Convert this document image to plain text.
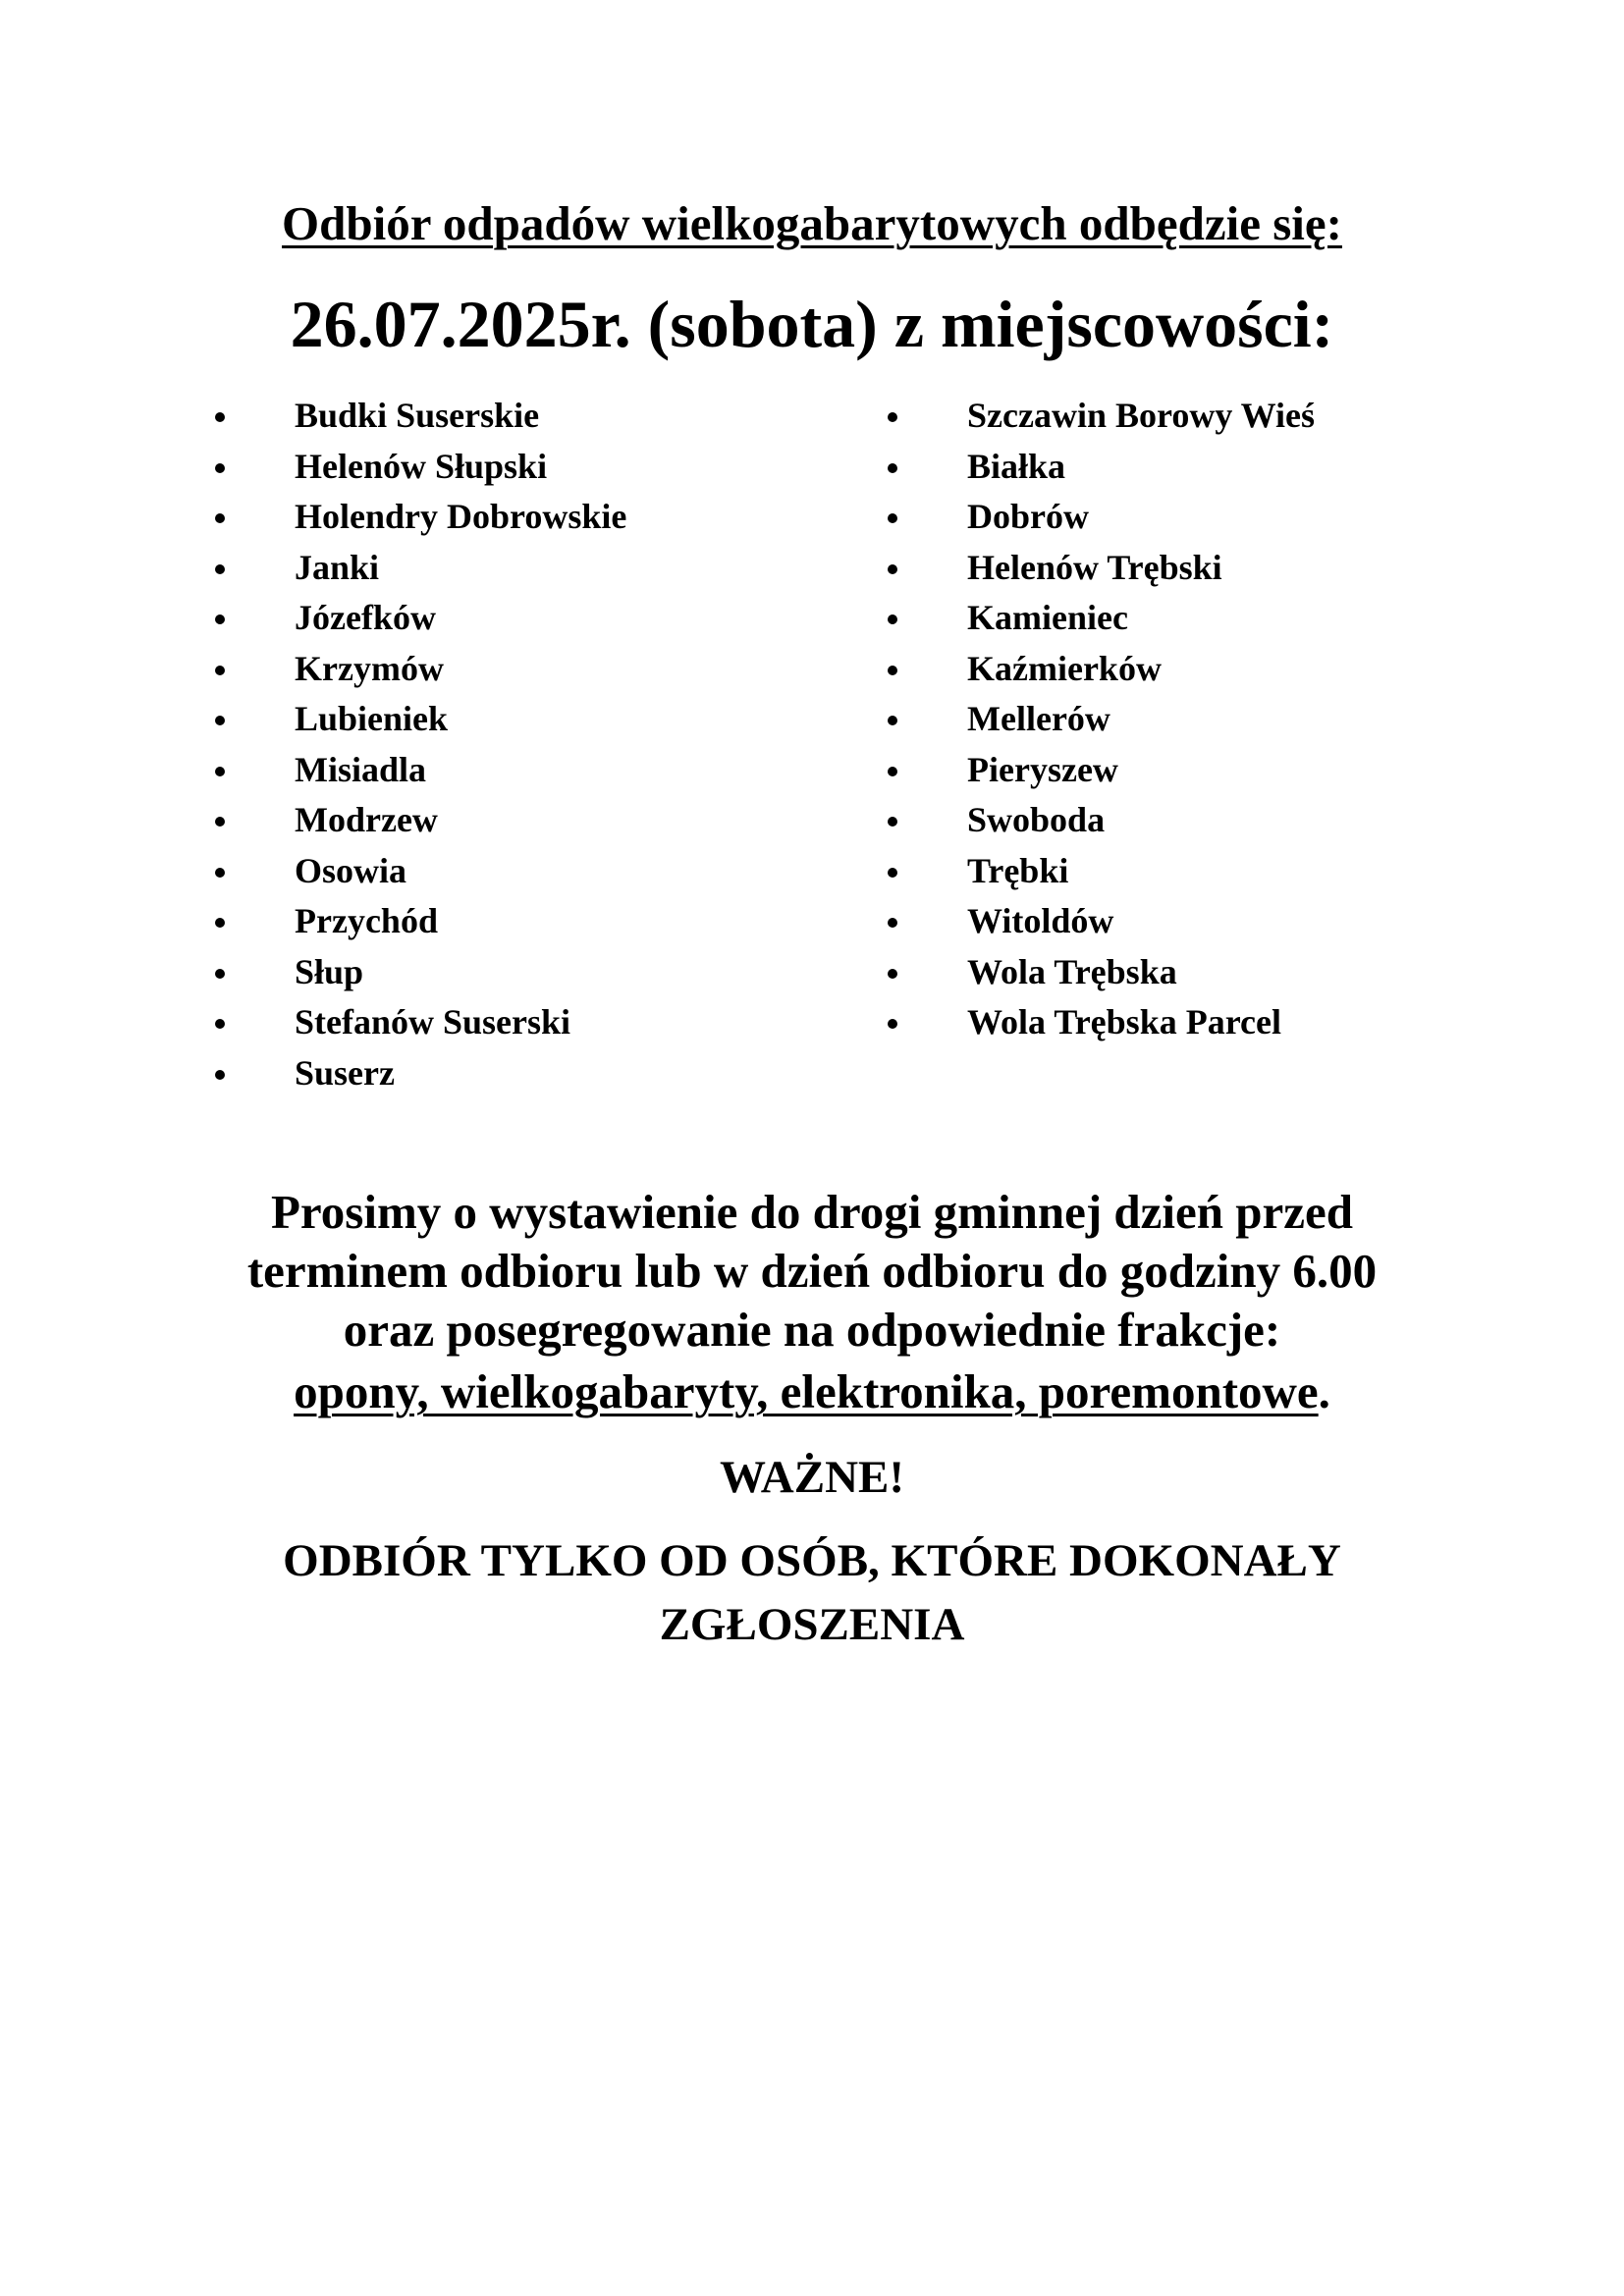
Odbiór odpadów wielkogabarytowych odbędzie się:
26.07.2025r. (sobota) z miejscowości:
Budki Suserskie
Helenów Słupski
Holendry Dobrowskie
Janki
Józefków
Krzymów
Lubieniek
Misiadla
Modrzew
Osowia
Przychód
Słup
Stefanów Suserski
Suserz
Szczawin Borowy Wieś
Białka
Dobrów
Helenów Trębski
Kamieniec
Kaźmierków
Mellerów
Pieryszew
Swoboda
Trębki
Witoldów
Wola Trębska
Wola Trębska Parcel

Prosimy o wystawienie do drogi gminnej dzień przed

terminem odbioru lub w dzień odbioru do godziny 6.00

oraz posegregowanie na odpowiednie frakcje:

opony, wielkogabaryty, elektronika, poremontowe.

WAŻNE!

ODBIÓR TYLKO OD OSÓB, KTÓRE DOKONAŁY

ZGŁOSZENIA
